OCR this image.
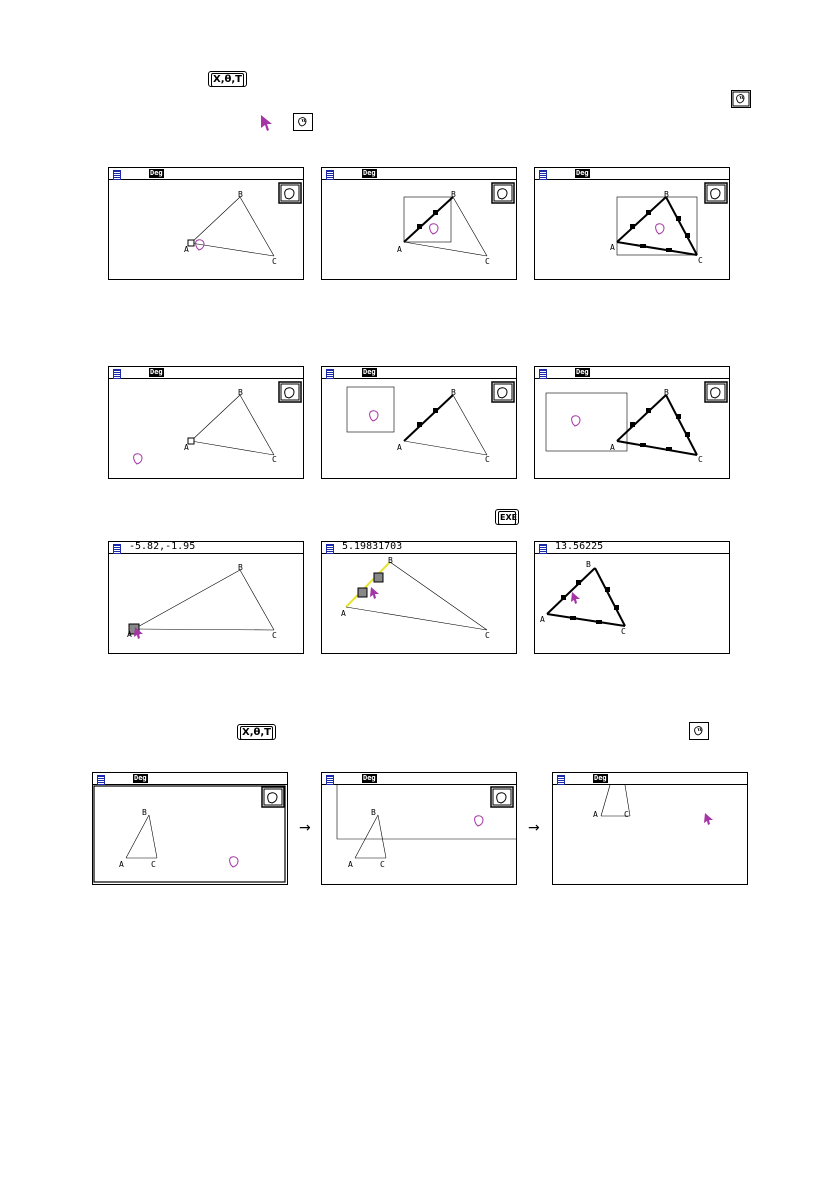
X,θ,T
Deg
A
B
C
Deg
A
B
C
Deg
A
B
C
Deg
A
B
C
Deg
A
B
C
Deg
A
B
C
EXE
-5.82,-1.95
A
B
C
5.19831703
A
B
C
13.56225
A
B
C
X,θ,T
Deg
A
B
C
→
Deg
A
B
C
→
Deg
A	C
